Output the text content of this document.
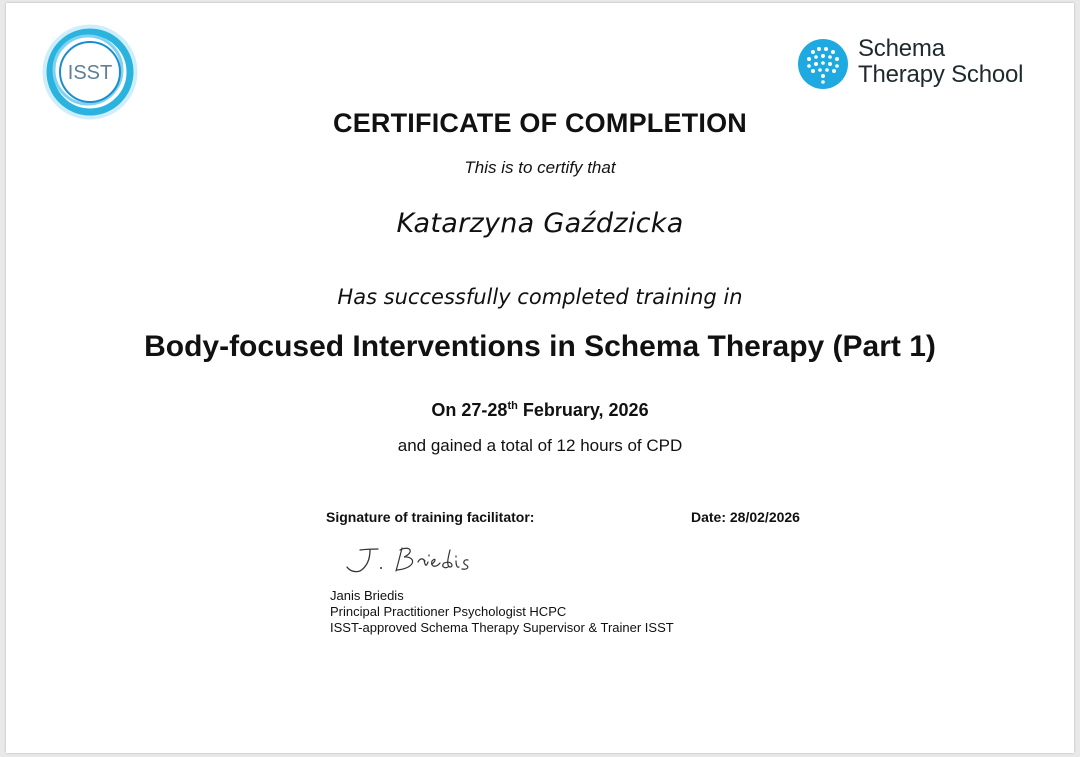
ISST
Schema
Therapy School
CERTIFICATE OF COMPLETION
This is to certify that
Katarzyna Gaździcka
Has successfully completed training in
Body-focused Interventions in Schema Therapy (Part 1)
On 27-28th February, 2026
and gained a total of 12 hours of CPD
Signature of training facilitator:	Date: 28/02/2026
Janis Briedis
Principal Practitioner Psychologist HCPC
ISST-approved Schema Therapy Supervisor & Trainer ISST
